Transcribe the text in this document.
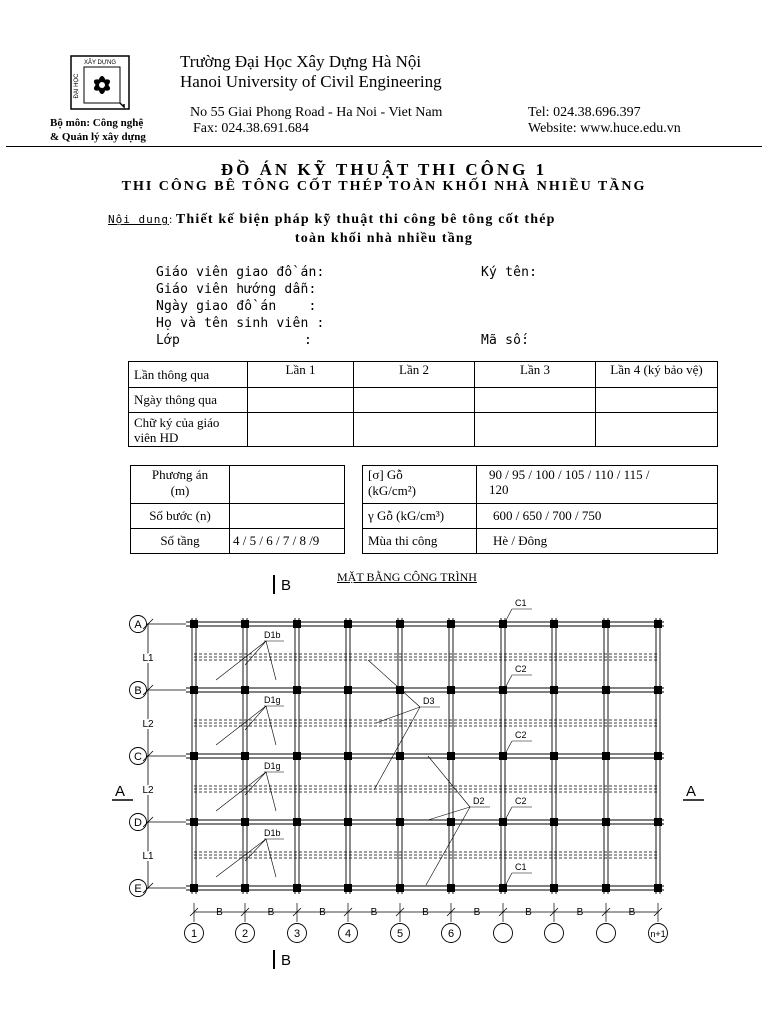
XÂY DỰNG
ĐẠI HỌC
Bộ môn: Công nghệ
& Quản lý xây dựng
Trường Đại Học Xây Dựng Hà Nội
Hanoi University of Civil Engineering
No 55 Giai Phong Road - Ha Noi - Viet Nam	Tel: 024.38.696.397
Fax: 024.38.691.684	Website: www.huce.edu.vn
ĐỒ ÁN KỸ THUẬT THI CÔNG 1
THI CÔNG BÊ TÔNG CỐT THÉP TOÀN KHỐI NHÀ NHIỀU TẦNG
Nội dung: Thiết kế biện pháp kỹ thuật thi công bê tông cốt thép
toàn khối nhà nhiều tầng
Giáo viên giao đồ án:	Ký tên:
Giáo viên hướng dẫn:
Ngày giao đồ án    :
Họ và tên sinh viên :
Lớp	:	Mã số:
Lần thông qua	Lần 1	Lần 2	Lần 3	Lần 4 (ký bảo vệ)
Ngày thông qua				
Chữ ký của giáo
viên HD				
Phương án
(m)	
Số bước (n)	
Số tầng	4 / 5 / 6 / 7 / 8 /9
[σ] Gỗ
(kG/cm²)	90 / 95 / 100 / 105 / 110 / 115 /
120
γ Gỗ (kG/cm³)	600 / 650 / 700 / 750
Mùa thi công	Hè / Đông
MẶT BẰNG CÔNG TRÌNH
B
B
A	A
A
B
C
D
E
L1
L2
L2
L1
1	2	3	4	5	6	n+1
B	B	B	B	B	B	B	B	B
D1b
D1g
D1g
D1b
D3
D2
C1
C2
C2
C2
C1
